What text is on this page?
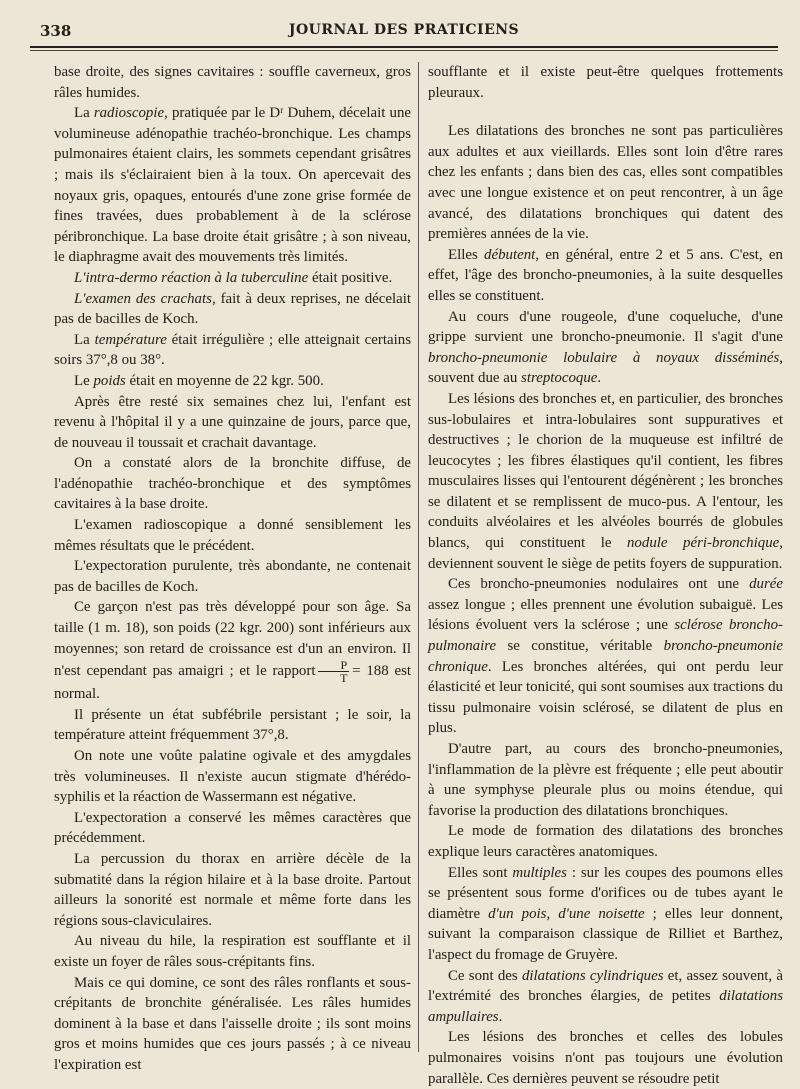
338	JOURNAL DES PRATICIENS

base droite, des signes cavitaires : souffle caverneux, gros râles humides.

La radioscopie, pratiquée par le Dʳ Duhem, décelait une volumineuse adénopathie trachéo-bronchique. Les champs pulmonaires étaient clairs, les sommets cependant grisâtres ; mais ils s'éclairaient bien à la toux. On apercevait des noyaux gris, opaques, entourés d'une zone grise formée de fines travées, dues probablement à de la sclérose péribronchique. La base droite était grisâtre ; à son niveau, le diaphragme avait des mouvements très limités.

L'intra-dermo réaction à la tuberculine était positive.

L'examen des crachats, fait à deux reprises, ne décelait pas de bacilles de Koch.

La température était irrégulière ; elle atteignait certains soirs 37°,8 ou 38°.

Le poids était en moyenne de 22 kgr. 500.

Après être resté six semaines chez lui, l'enfant est revenu à l'hôpital il y a une quinzaine de jours, parce que, de nouveau il toussait et crachait davantage.

On a constaté alors de la bronchite diffuse, de l'adénopathie trachéo-bronchique et des symptômes cavitaires à la base droite.

L'examen radioscopique a donné sensiblement les mêmes résultats que le précédent.

L'expectoration purulente, très abondante, ne contenait pas de bacilles de Koch.

Ce garçon n'est pas très développé pour son âge. Sa taille (1 m. 18), son poids (22 kgr. 200) sont inférieurs aux moyennes; son retard de croissance est d'un an environ. Il n'est cependant pas amaigri ; et le rapport $\frac{P}{T} = 188$ est normal.

Il présente un état subfébrile persistant ; le soir, la température atteint fréquemment 37°,8.

On note une voûte palatine ogivale et des amygdales très volumineuses. Il n'existe aucun stigmate d'hérédo-syphilis et la réaction de Wassermann est négative.

L'expectoration a conservé les mêmes caractères que précédemment.

La percussion du thorax en arrière décèle de la submatité dans la région hilaire et à la base droite. Partout ailleurs la sonorité est normale et même forte dans les régions sous-claviculaires.

Au niveau du hile, la respiration est soufflante et il existe un foyer de râles sous-crépitants fins.

Mais ce qui domine, ce sont des râles ronflants et sous-crépitants de bronchite généralisée. Les râles humides dominent à la base et dans l'aisselle droite ; ils sont moins gros et moins humides que ces jours passés ; à ce niveau l'expiration est

soufflante et il existe peut-être quelques frottements pleuraux.

Les dilatations des bronches ne sont pas particulières aux adultes et aux vieillards. Elles sont loin d'être rares chez les enfants ; dans bien des cas, elles sont compatibles avec une longue existence et on peut rencontrer, à un âge avancé, des dilatations bronchiques qui datent des premières années de la vie.

Elles débutent, en général, entre 2 et 5 ans. C'est, en effet, l'âge des broncho-pneumonies, à la suite desquelles elles se constituent.

Au cours d'une rougeole, d'une coqueluche, d'une grippe survient une broncho-pneumonie. Il s'agit d'une broncho-pneumonie lobulaire à noyaux disséminés, souvent due au streptocoque.

Les lésions des bronches et, en particulier, des bronches sus-lobulaires et intra-lobulaires sont suppuratives et destructives ; le chorion de la muqueuse est infiltré de leucocytes ; les fibres élastiques qu'il contient, les fibres musculaires lisses qui l'entourent dégénèrent ; les bronches se dilatent et se remplissent de muco-pus. A l'entour, les conduits alvéolaires et les alvéoles bourrés de globules blancs, qui constituent le nodule péri-bronchique, deviennent souvent le siège de petits foyers de suppuration.

Ces broncho-pneumonies nodulaires ont une durée assez longue ; elles prennent une évolution subaiguë. Les lésions évoluent vers la sclérose ; une sclérose broncho-pulmonaire se constitue, véritable broncho-pneumonie chronique. Les bronches altérées, qui ont perdu leur élasticité et leur tonicité, qui sont soumises aux tractions du tissu pulmonaire voisin sclérosé, se dilatent de plus en plus.

D'autre part, au cours des broncho-pneumonies, l'inflammation de la plèvre est fréquente ; elle peut aboutir à une symphyse pleurale plus ou moins étendue, qui favorise la production des dilatations bronchiques.

Le mode de formation des dilatations des bronches explique leurs caractères anatomiques.

Elles sont multiples : sur les coupes des poumons elles se présentent sous forme d'orifices ou de tubes ayant le diamètre d'un pois, d'une noisette ; elles leur donnent, suivant la comparaison classique de Rilliet et Barthez, l'aspect du fromage de Gruyère.

Ce sont des dilatations cylindriques et, assez souvent, à l'extrémité des bronches élargies, de petites dilatations ampullaires.

Les lésions des bronches et celles des lobules pulmonaires voisins n'ont pas toujours une évolution parallèle. Ces dernières peuvent se résoudre petit
